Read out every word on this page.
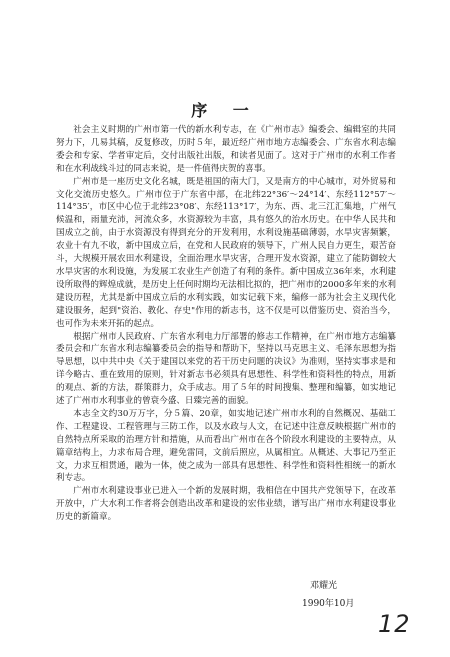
序 一

社会主义时期的广州市第一代的新水利专志，在《广州市志》编委会、编辑室的共同努力下，几易其稿，反复修改，历时５年，最近经广州市地方志编委会、广东省水利志编委会和专家、学者审定后，交付出版社出版，和读者见面了。这对于广州市的水利工作者和在水利战线斗过的同志来说，是一件值得庆贺的喜事。

广州市是一座历史文化名城，既是祖国的南大门，又是南方的中心城市，对外贸易和文化交流历史悠久。广州市位于广东省中部，在北纬22°36′～24°14′、东经112°57′～114°35′，市区中心位于北纬23°08′、东经113°17′，为东、西、北三江汇集地，广州气候温和，雨量充沛，河流众多，水资源较为丰富，具有悠久的治水历史。在中华人民共和国成立之前，由于水资源没有得到充分的开发利用，水利设施基础薄弱，水旱灾害频繁，农业十有九不收，新中国成立后，在党和人民政府的领导下，广州人民自力更生，艰苦奋斗，大规模开展农田水利建设，全面治理水旱灾害，合理开发水资源，建立了能防御较大水旱灾害的水利设施，为发展工农业生产创造了有利的条件。新中国成立36年来，水利建设所取得的辉煌成就，是历史上任何时期均无法相比拟的，把广州市的2000多年来的水利建设历程，尤其是新中国成立后的水利实践，如实记载下来，编修一部为社会主义现代化建设服务，起到"资治、教化、存史"作用的新志书，这不仅是可以借鉴历史、资治当今，也可作为未来开拓的起点。

根据广州市人民政府、广东省水利电力厅部署的修志工作精神，在广州市地方志编纂委员会和广东省水利志编纂委员会的指导和帮助下，坚持以马克思主义、毛泽东思想为指导思想，以中共中央《关于建国以来党的若干历史问题的决议》为准则，坚持实事求是和详今略古、重在致用的原则，针对新志书必须具有思想性、科学性和资料性的特点，用新的观点、新的方法，群策群力，众手成志。用了５年的时间搜集、整理和编纂，如实地记述了广州市水利事业的曾衰今盛、日臻完善的面貌。

本志全文约30万万字，分５篇、20章，如实地记述广州市水利的自然概况、基础工作、工程建设、工程管理与三防工作，以及水政与人文，在记述中注意反映根据广州市的自然特点所采取的治理方针和措施，从而看出广州市在各个阶段水利建设的主要特点，从篇章结构上，力求布局合理，避免雷同，文前后照应，从属相宜。从概述、大事记乃至正文，力求互相贯通，融为一体，使之成为一部具有思想性、科学性和资料性相统一的新水利专志。

广州市水利建设事业已进入一个新的发展时期，我相信在中国共产党领导下，在改革开放中，广大水利工作者将会创造出改革和建设的宏伟业绩，谱写出广州市水利建设事业历史的新篇章。

邓耀光
1990年10月
12
